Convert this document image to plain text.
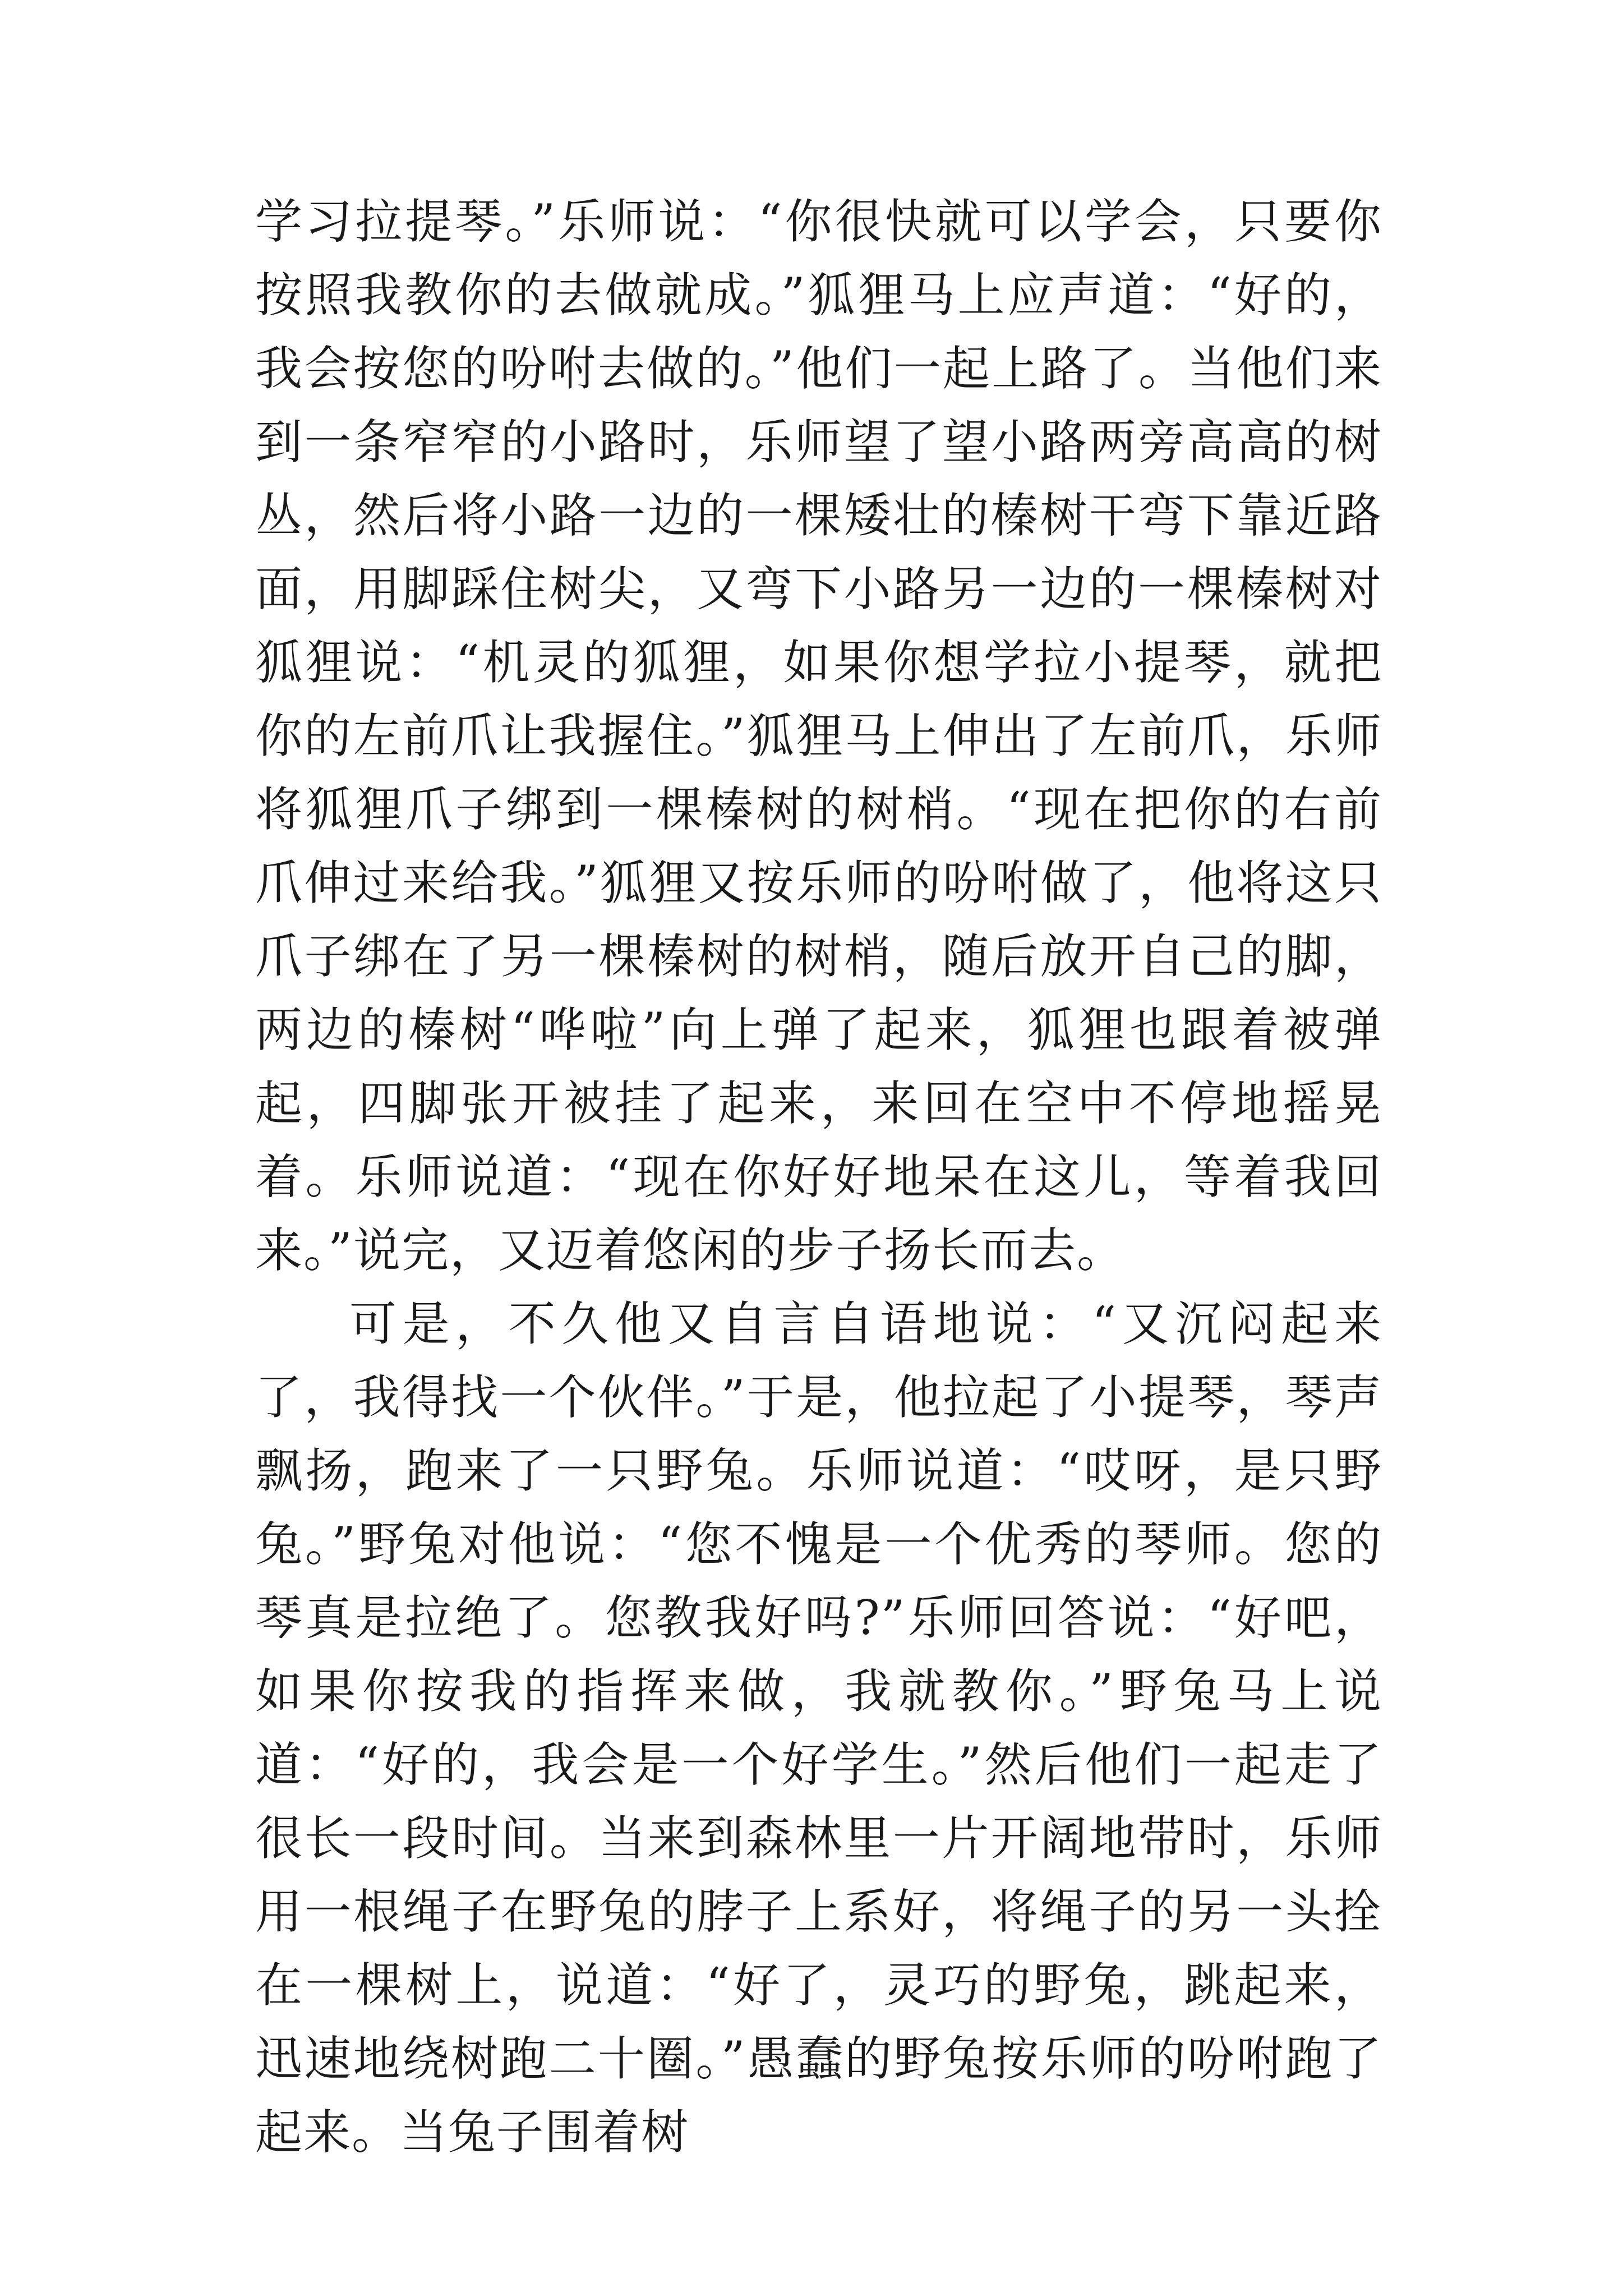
学习拉提琴。”乐师说：“你很快就可以学会，只要你按照我教你的去做就成。”狐狸马上应声道：“好的，我会按您的吩咐去做的。”他们一起上路了。当他们来到一条窄窄的小路时，乐师望了望小路两旁高高的树丛，然后将小路一边的一棵矮壮的榛树干弯下靠近路面，用脚踩住树尖，又弯下小路另一边的一棵榛树对狐狸说：“机灵的狐狸，如果你想学拉小提琴，就把你的左前爪让我握住。”狐狸马上伸出了左前爪，乐师将狐狸爪子绑到一棵榛树的树梢。“现在把你的右前爪伸过来给我。”狐狸又按乐师的吩咐做了，他将这只爪子绑在了另一棵榛树的树梢，随后放开自己的脚，两边的榛树“哗啦”向上弹了起来，狐狸也跟着被弹起，四脚张开被挂了起来，来回在空中不停地摇晃着。乐师说道：“现在你好好地呆在这儿，等着我回来。”说完，又迈着悠闲的步子扬长而去。

可是，不久他又自言自语地说：“又沉闷起来了，我得找一个伙伴。”于是，他拉起了小提琴，琴声飘扬，跑来了一只野兔。乐师说道：“哎呀，是只野兔。”野兔对他说：“您不愧是一个优秀的琴师。您的琴真是拉绝了。您教我好吗?”乐师回答说：“好吧，如果你按我的指挥来做，我就教你。”野兔马上说道：“好的，我会是一个好学生。”然后他们一起走了很长一段时间。当来到森林里一片开阔地带时，乐师用一根绳子在野兔的脖子上系好，将绳子的另一头拴在一棵树上，说道：“好了，灵巧的野兔，跳起来，迅速地绕树跑二十圈。”愚蠢的野兔按乐师的吩咐跑了起来。当兔子围着树
